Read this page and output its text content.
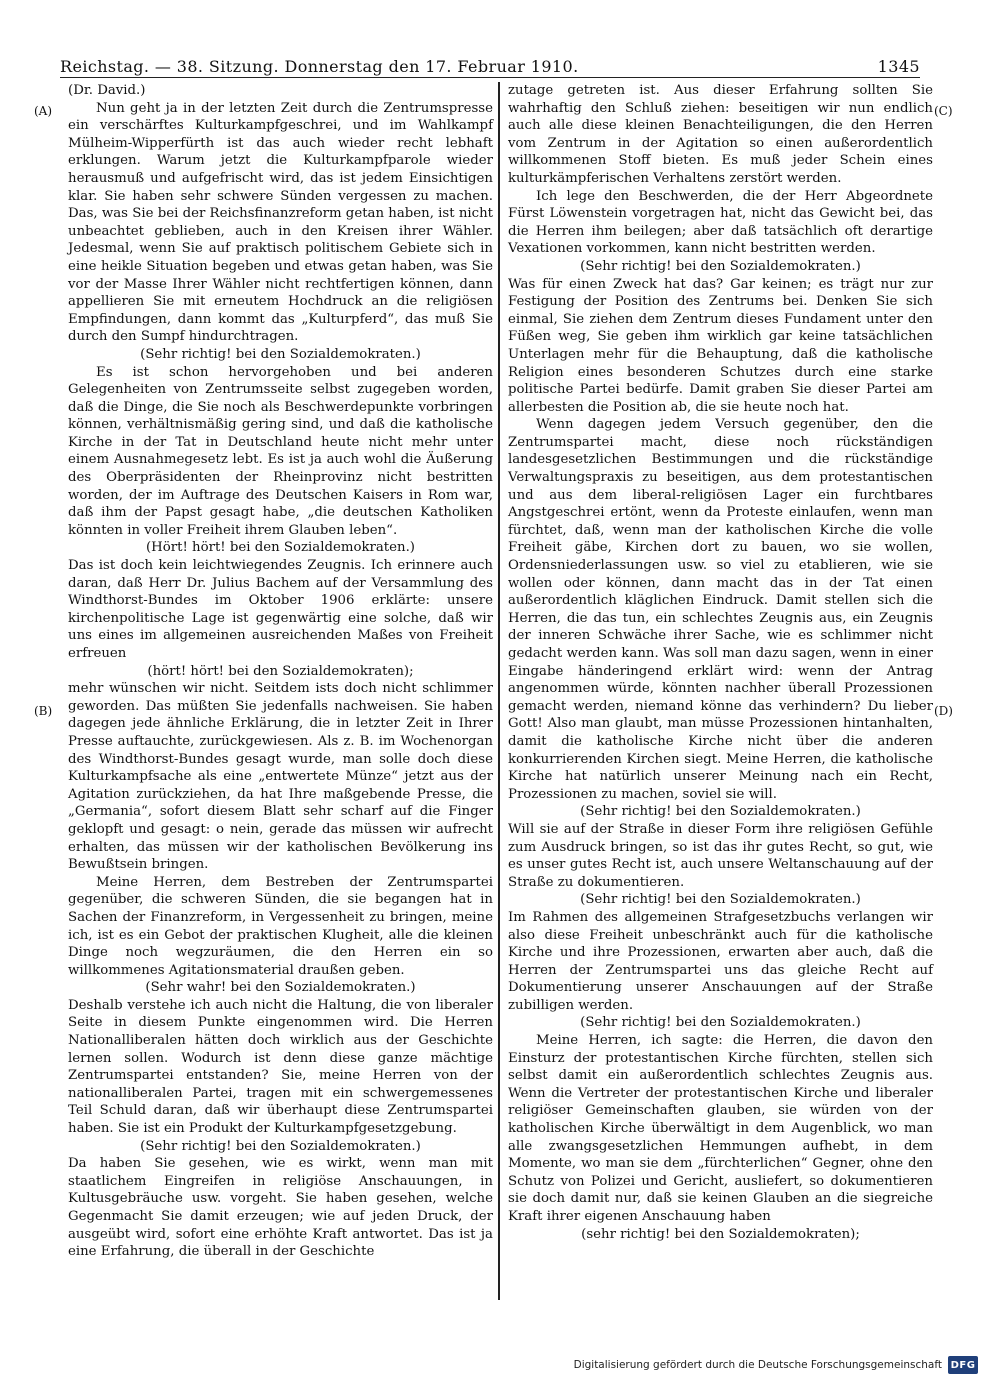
Reichstag. — 38. Sitzung. Donnerstag den 17. Februar 1910.	1345
(A)
(B)
(C)
(D)

(Dr. David.)

Nun geht ja in der letzten Zeit durch die Zentrumspresse ein verschärftes Kulturkampfgeschrei, und im Wahlkampf Mülheim-Wipperfürth ist das auch wieder recht lebhaft erklungen. Warum jetzt die Kulturkampfparole wieder herausmuß und aufgefrischt wird, das ist jedem Einsichtigen klar. Sie haben sehr schwere Sünden vergessen zu machen. Das, was Sie bei der Reichsfinanzreform getan haben, ist nicht unbeachtet geblieben, auch in den Kreisen ihrer Wähler. Jedesmal, wenn Sie auf praktisch politischem Gebiete sich in eine heikle Situation begeben und etwas getan haben, was Sie vor der Masse Ihrer Wähler nicht rechtfertigen können, dann appellieren Sie mit erneutem Hochdruck an die religiösen Empfindungen, dann kommt das „Kulturpferd“, das muß Sie durch den Sumpf hindurchtragen.

(Sehr richtig! bei den Sozialdemokraten.)

Es ist schon hervorgehoben und bei anderen Gelegenheiten von Zentrumsseite selbst zugegeben worden, daß die Dinge, die Sie noch als Beschwerdepunkte vorbringen können, verhältnismäßig gering sind, und daß die katholische Kirche in der Tat in Deutschland heute nicht mehr unter einem Ausnahmegesetz lebt. Es ist ja auch wohl die Äußerung des Oberpräsidenten der Rheinprovinz nicht bestritten worden, der im Auftrage des Deutschen Kaisers in Rom war, daß ihm der Papst gesagt habe, „die deutschen Katholiken könnten in voller Freiheit ihrem Glauben leben“.

(Hört! hört! bei den Sozialdemokraten.)

Das ist doch kein leichtwiegendes Zeugnis. Ich erinnere auch daran, daß Herr Dr. Julius Bachem auf der Versammlung des Windthorst-Bundes im Oktober 1906 erklärte: unsere kirchenpolitische Lage ist gegenwärtig eine solche, daß wir uns eines im allgemeinen ausreichenden Maßes von Freiheit erfreuen

(hört! hört! bei den Sozialdemokraten);

mehr wünschen wir nicht. Seitdem ists doch nicht schlimmer geworden. Das müßten Sie jedenfalls nachweisen. Sie haben dagegen jede ähnliche Erklärung, die in letzter Zeit in Ihrer Presse auftauchte, zurückgewiesen. Als z. B. im Wochenorgan des Windthorst-Bundes gesagt wurde, man solle doch diese Kulturkampfsache als eine „entwertete Münze“ jetzt aus der Agitation zurückziehen, da hat Ihre maßgebende Presse, die „Germania“, sofort diesem Blatt sehr scharf auf die Finger geklopft und gesagt: o nein, gerade das müssen wir aufrecht erhalten, das müssen wir der katholischen Bevölkerung ins Bewußtsein bringen.

Meine Herren, dem Bestreben der Zentrumspartei gegenüber, die schweren Sünden, die sie begangen hat in Sachen der Finanzreform, in Vergessenheit zu bringen, meine ich, ist es ein Gebot der praktischen Klugheit, alle die kleinen Dinge noch wegzuräumen, die den Herren ein so willkommenes Agitationsmaterial draußen geben.

(Sehr wahr! bei den Sozialdemokraten.)

Deshalb verstehe ich auch nicht die Haltung, die von liberaler Seite in diesem Punkte eingenommen wird. Die Herren Nationalliberalen hätten doch wirklich aus der Geschichte lernen sollen. Wodurch ist denn diese ganze mächtige Zentrumspartei entstanden? Sie, meine Herren von der nationalliberalen Partei, tragen mit ein schwergemessenes Teil Schuld daran, daß wir überhaupt diese Zentrumspartei haben. Sie ist ein Produkt der Kulturkampfgesetzgebung.

(Sehr richtig! bei den Sozialdemokraten.)

Da haben Sie gesehen, wie es wirkt, wenn man mit staatlichem Eingreifen in religiöse Anschauungen, in Kultusgebräuche usw. vorgeht. Sie haben gesehen, welche Gegenmacht Sie damit erzeugen; wie auf jeden Druck, der ausgeübt wird, sofort eine erhöhte Kraft antwortet. Das ist ja eine Erfahrung, die überall in der Geschichte

zutage getreten ist. Aus dieser Erfahrung sollten Sie wahrhaftig den Schluß ziehen: beseitigen wir nun endlich auch alle diese kleinen Benachteiligungen, die den Herren vom Zentrum in der Agitation so einen außerordentlich willkommenen Stoff bieten. Es muß jeder Schein eines kulturkämpferischen Verhaltens zerstört werden.

Ich lege den Beschwerden, die der Herr Abgeordnete Fürst Löwenstein vorgetragen hat, nicht das Gewicht bei, das die Herren ihm beilegen; aber daß tatsächlich oft derartige Vexationen vorkommen, kann nicht bestritten werden.

(Sehr richtig! bei den Sozialdemokraten.)

Was für einen Zweck hat das? Gar keinen; es trägt nur zur Festigung der Position des Zentrums bei. Denken Sie sich einmal, Sie ziehen dem Zentrum dieses Fundament unter den Füßen weg, Sie geben ihm wirklich gar keine tatsächlichen Unterlagen mehr für die Behauptung, daß die katholische Religion eines besonderen Schutzes durch eine starke politische Partei bedürfe. Damit graben Sie dieser Partei am allerbesten die Position ab, die sie heute noch hat.

Wenn dagegen jedem Versuch gegenüber, den die Zentrumspartei macht, diese noch rückständigen landesgesetzlichen Bestimmungen und die rückständige Verwaltungspraxis zu beseitigen, aus dem protestantischen und aus dem liberal-religiösen Lager ein furchtbares Angstgeschrei ertönt, wenn da Proteste einlaufen, wenn man fürchtet, daß, wenn man der katholischen Kirche die volle Freiheit gäbe, Kirchen dort zu bauen, wo sie wollen, Ordensniederlassungen usw. so viel zu etablieren, wie sie wollen oder können, dann macht das in der Tat einen außerordentlich kläglichen Eindruck. Damit stellen sich die Herren, die das tun, ein schlechtes Zeugnis aus, ein Zeugnis der inneren Schwäche ihrer Sache, wie es schlimmer nicht gedacht werden kann. Was soll man dazu sagen, wenn in einer Eingabe händeringend erklärt wird: wenn der Antrag angenommen würde, könnten nachher überall Prozessionen gemacht werden, niemand könne das verhindern? Du lieber Gott! Also man glaubt, man müsse Prozessionen hintanhalten, damit die katholische Kirche nicht über die anderen konkurrierenden Kirchen siegt. Meine Herren, die katholische Kirche hat natürlich unserer Meinung nach ein Recht, Prozessionen zu machen, soviel sie will.

(Sehr richtig! bei den Sozialdemokraten.)

Will sie auf der Straße in dieser Form ihre religiösen Gefühle zum Ausdruck bringen, so ist das ihr gutes Recht, so gut, wie es unser gutes Recht ist, auch unsere Weltanschauung auf der Straße zu dokumentieren.

(Sehr richtig! bei den Sozialdemokraten.)

Im Rahmen des allgemeinen Strafgesetzbuchs verlangen wir also diese Freiheit unbeschränkt auch für die katholische Kirche und ihre Prozessionen, erwarten aber auch, daß die Herren der Zentrumspartei uns das gleiche Recht auf Dokumentierung unserer Anschauungen auf der Straße zubilligen werden.

(Sehr richtig! bei den Sozialdemokraten.)

Meine Herren, ich sagte: die Herren, die davon den Einsturz der protestantischen Kirche fürchten, stellen sich selbst damit ein außerordentlich schlechtes Zeugnis aus. Wenn die Vertreter der protestantischen Kirche und liberaler religiöser Gemeinschaften glauben, sie würden von der katholischen Kirche überwältigt in dem Augenblick, wo man alle zwangsgesetzlichen Hemmungen aufhebt, in dem Momente, wo man sie dem „fürchterlichen“ Gegner, ohne den Schutz von Polizei und Gericht, ausliefert, so dokumentieren sie doch damit nur, daß sie keinen Glauben an die siegreiche Kraft ihrer eigenen Anschauung haben

(sehr richtig! bei den Sozialdemokraten);

Digitalisierung gefördert durch die Deutsche Forschungsgemeinschaft DFG
